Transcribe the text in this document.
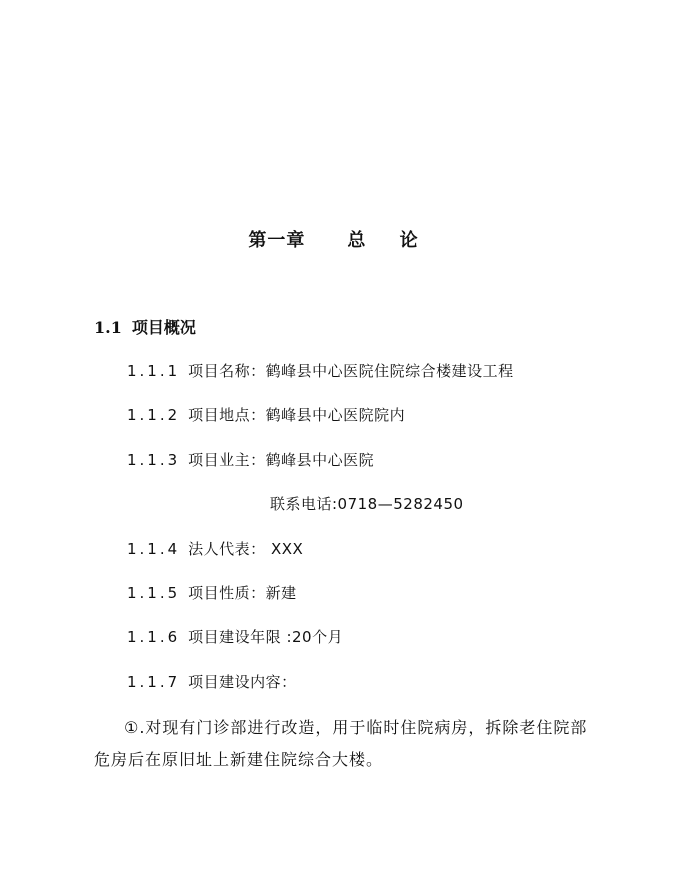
第一章 总 论
1.1 项目概况
1.1.1 项目名称：鹤峰县中心医院住院综合楼建设工程
1.1.2 项目地点：鹤峰县中心医院院内
1.1.3 项目业主：鹤峰县中心医院
联系电话:0718—5282450
1.1.4 法人代表： XXX
1.1.5 项目性质：新建
1.1.6 项目建设年限 :20个月
1.1.7 项目建设内容：
①.对现有门诊部进行改造，用于临时住院病房，拆除老住院部危房后在原旧址上新建住院综合大楼。
